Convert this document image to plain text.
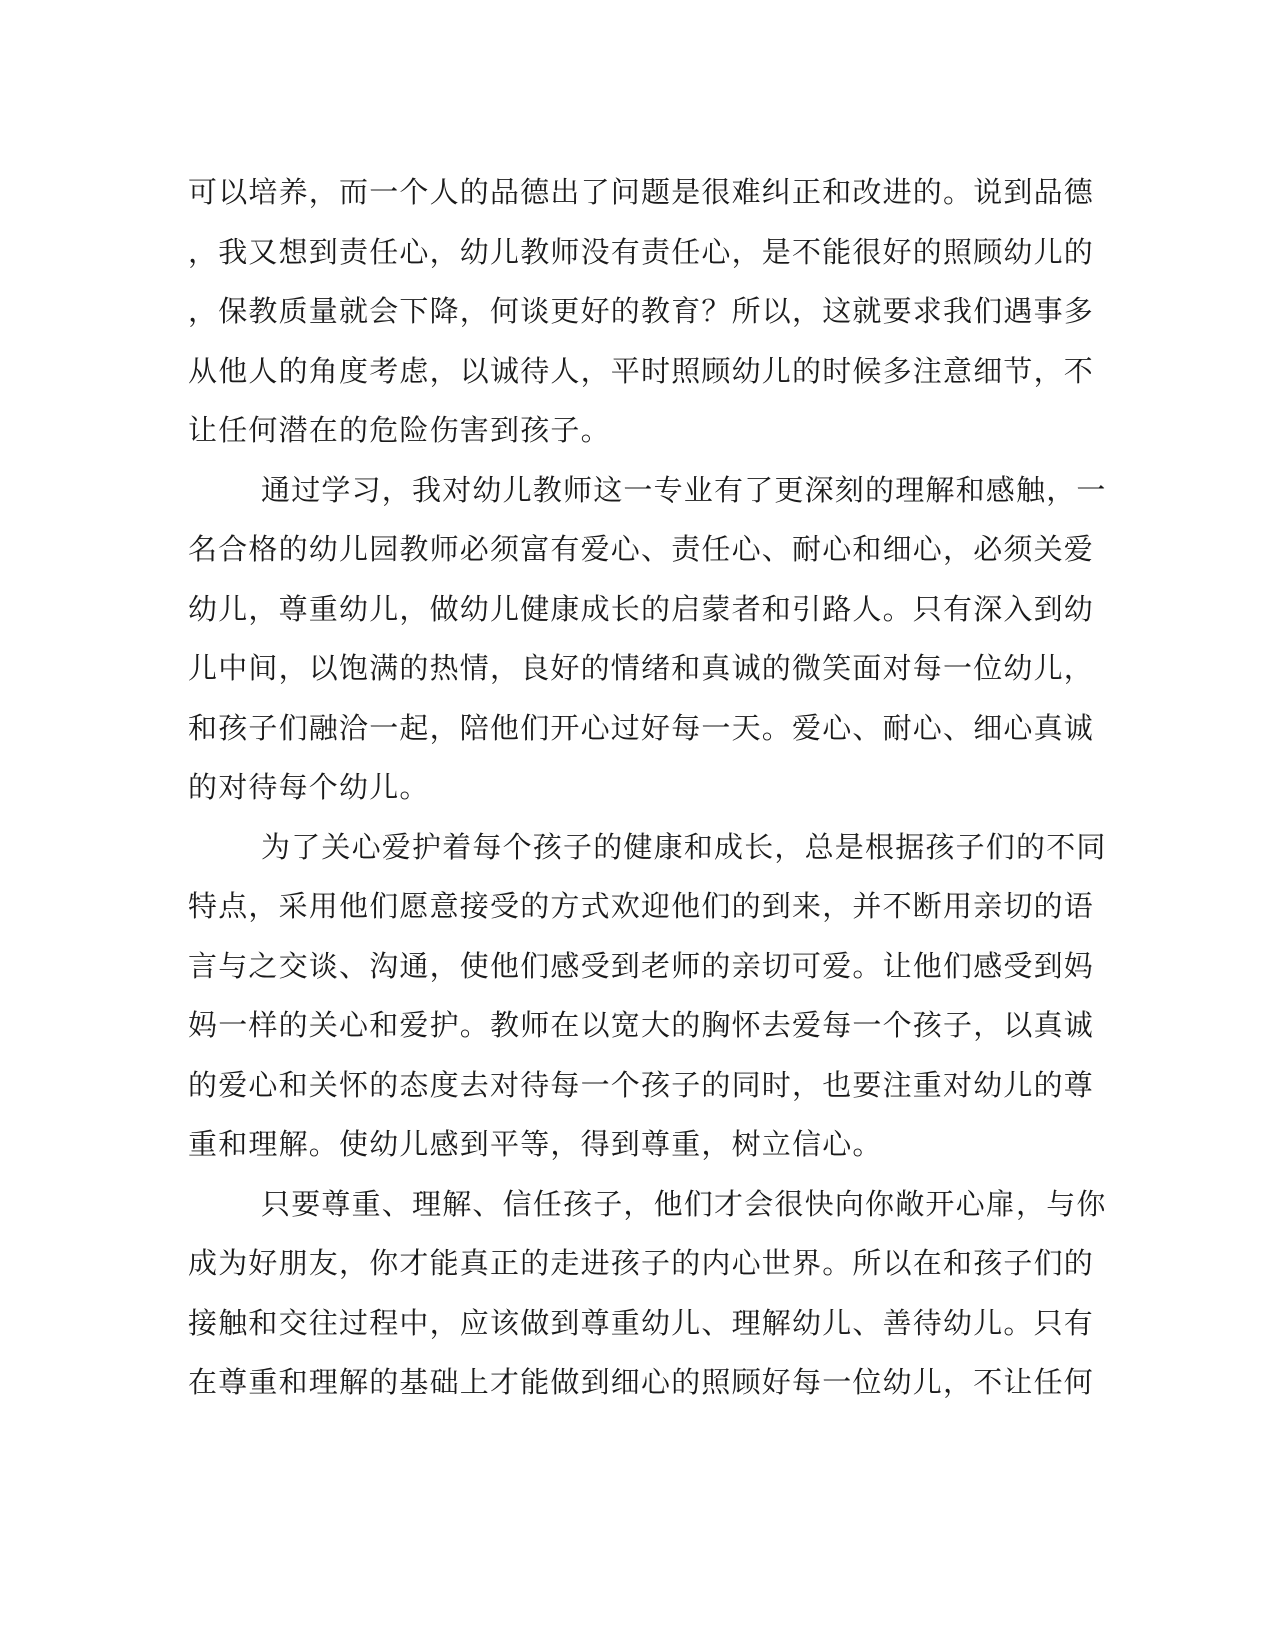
可以培养，而一个人的品德出了问题是很难纠正和改进的。说到品德
，我又想到责任心，幼儿教师没有责任心，是不能很好的照顾幼儿的
，保教质量就会下降，何谈更好的教育？所以，这就要求我们遇事多
从他人的角度考虑，以诚待人，平时照顾幼儿的时候多注意细节，不
让任何潜在的危险伤害到孩子。
通过学习，我对幼儿教师这一专业有了更深刻的理解和感触，一
名合格的幼儿园教师必须富有爱心、责任心、耐心和细心，必须关爱
幼儿，尊重幼儿，做幼儿健康成长的启蒙者和引路人。只有深入到幼
儿中间，以饱满的热情，良好的情绪和真诚的微笑面对每一位幼儿，
和孩子们融洽一起，陪他们开心过好每一天。爱心、耐心、细心真诚
的对待每个幼儿。
为了关心爱护着每个孩子的健康和成长，总是根据孩子们的不同
特点，采用他们愿意接受的方式欢迎他们的到来，并不断用亲切的语
言与之交谈、沟通，使他们感受到老师的亲切可爱。让他们感受到妈
妈一样的关心和爱护。教师在以宽大的胸怀去爱每一个孩子，以真诚
的爱心和关怀的态度去对待每一个孩子的同时，也要注重对幼儿的尊
重和理解。使幼儿感到平等，得到尊重，树立信心。
只要尊重、理解、信任孩子，他们才会很快向你敞开心扉，与你
成为好朋友，你才能真正的走进孩子的内心世界。所以在和孩子们的
接触和交往过程中，应该做到尊重幼儿、理解幼儿、善待幼儿。只有
在尊重和理解的基础上才能做到细心的照顾好每一位幼儿，不让任何
